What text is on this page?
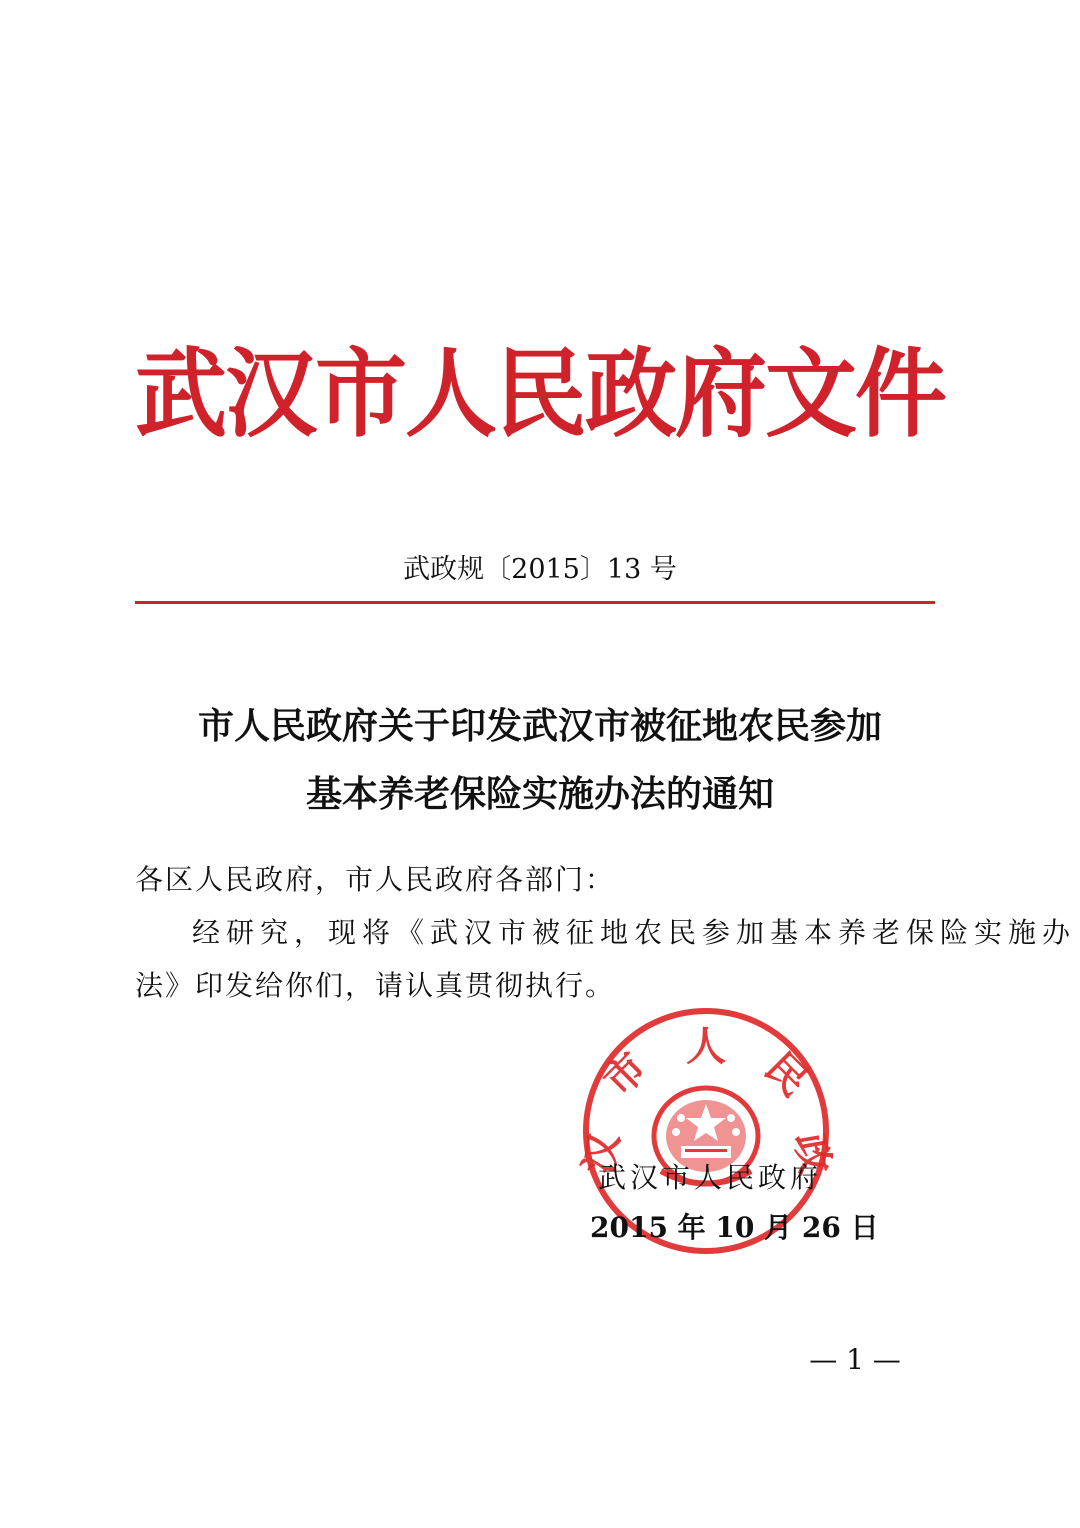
武汉市人民政府文件
武政规〔2015〕13 号
市人民政府关于印发武汉市被征地农民参加
基本养老保险实施办法的通知
各区人民政府，市人民政府各部门：
经研究，现将《武汉市被征地农民参加基本养老保险实施办
法》印发给你们，请认真贯彻执行。
汉
市 人 民
政
武汉市人民政府
2015 年 10 月 26 日
— 1 —
